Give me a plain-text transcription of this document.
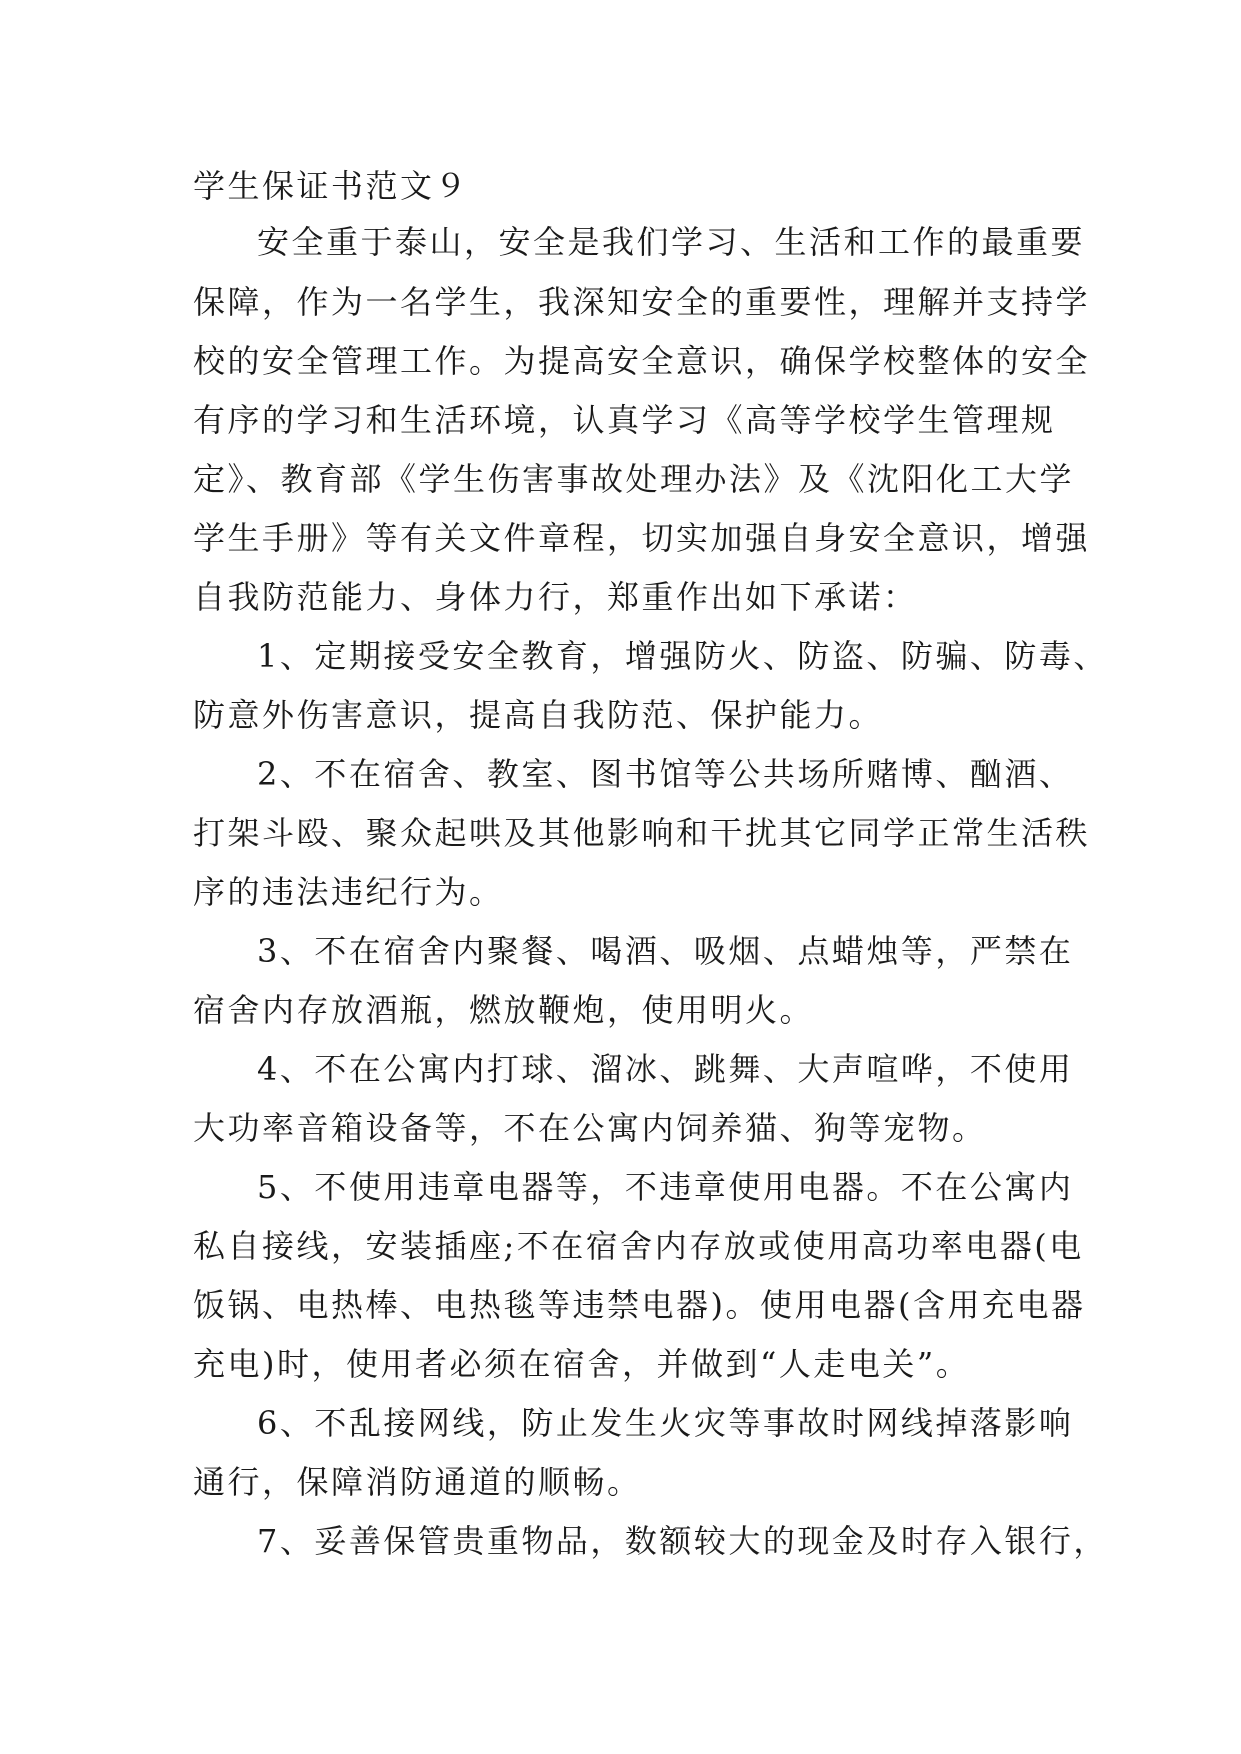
学生保证书范文９
安全重于泰山，安全是我们学习、生活和工作的最重要
保障，作为一名学生，我深知安全的重要性，理解并支持学
校的安全管理工作。为提高安全意识，确保学校整体的安全
有序的学习和生活环境，认真学习《高等学校学生管理规
定》、教育部《学生伤害事故处理办法》及《沈阳化工大学
学生手册》等有关文件章程，切实加强自身安全意识，增强
自我防范能力、身体力行，郑重作出如下承诺：
1、定期接受安全教育，增强防火、防盗、防骗、防毒、
防意外伤害意识，提高自我防范、保护能力。
2、不在宿舍、教室、图书馆等公共场所赌博、酗酒、
打架斗殴、聚众起哄及其他影响和干扰其它同学正常生活秩
序的违法违纪行为。
3、不在宿舍内聚餐、喝酒、吸烟、点蜡烛等，严禁在
宿舍内存放酒瓶，燃放鞭炮，使用明火。
4、不在公寓内打球、溜冰、跳舞、大声喧哗，不使用
大功率音箱设备等，不在公寓内饲养猫、狗等宠物。
5、不使用违章电器等，不违章使用电器。不在公寓内
私自接线，安装插座;不在宿舍内存放或使用高功率电器(电
饭锅、电热棒、电热毯等违禁电器)。使用电器(含用充电器
充电)时，使用者必须在宿舍，并做到“人走电关”。
6、不乱接网线，防止发生火灾等事故时网线掉落影响
通行，保障消防通道的顺畅。
7、妥善保管贵重物品，数额较大的现金及时存入银行，
